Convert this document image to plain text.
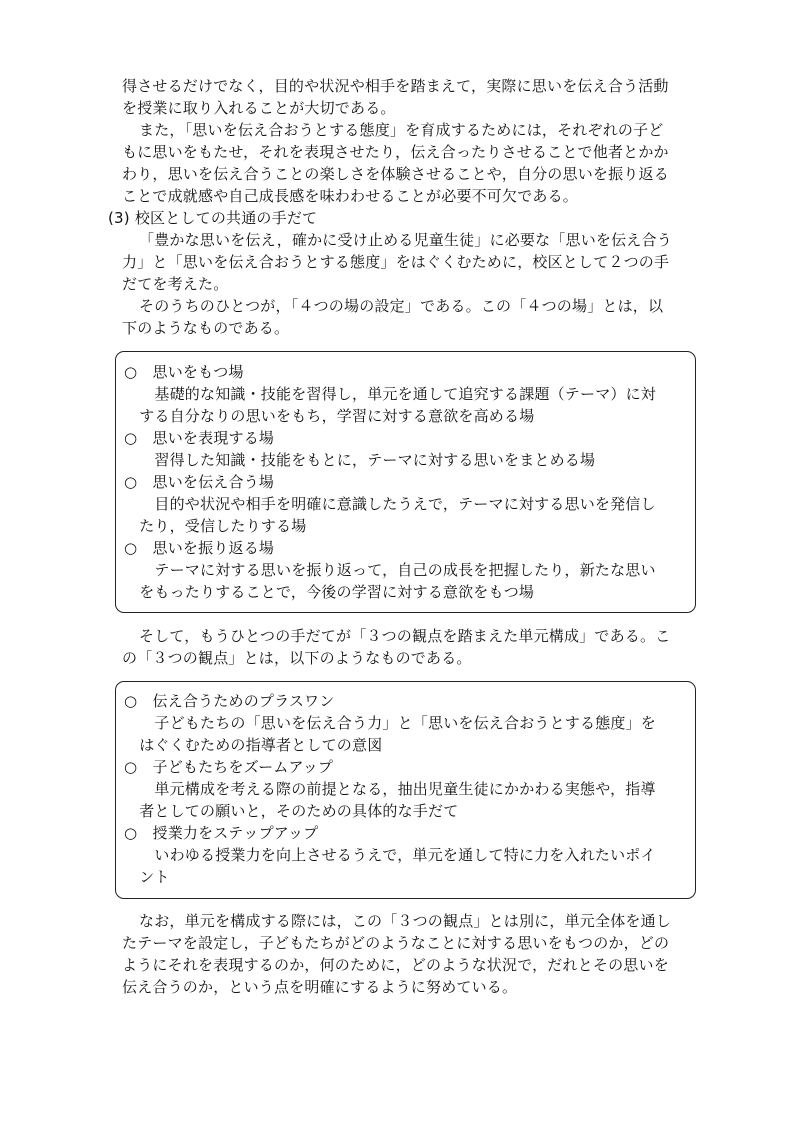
得させるだけでなく，目的や状況や相手を踏まえて，実際に思いを伝え合う活動
を授業に取り入れることが大切である。
また，「思いを伝え合おうとする態度」を育成するためには，それぞれの子ど
もに思いをもたせ，それを表現させたり，伝え合ったりさせることで他者とかか
わり，思いを伝え合うことの楽しさを体験させることや，自分の思いを振り返る
ことで成就感や自己成長感を味わわせることが必要不可欠である。
(3) 校区としての共通の手だて
「豊かな思いを伝え，確かに受け止める児童生徒」に必要な「思いを伝え合う
力」と「思いを伝え合おうとする態度」をはぐくむために，校区として２つの手
だてを考えた。
そのうちのひとつが，「４つの場の設定」である。この「４つの場」とは，以
下のようなものである。
○　思いをもつ場
　　基礎的な知識・技能を習得し，単元を通して追究する課題（テーマ）に対
　する自分なりの思いをもち，学習に対する意欲を高める場
○　思いを表現する場
　　習得した知識・技能をもとに，テーマに対する思いをまとめる場
○　思いを伝え合う場
　　目的や状況や相手を明確に意識したうえで，テーマに対する思いを発信し
　たり，受信したりする場
○　思いを振り返る場
　　テーマに対する思いを振り返って，自己の成長を把握したり，新たな思い
　をもったりすることで，今後の学習に対する意欲をもつ場
そして，もうひとつの手だてが「３つの観点を踏まえた単元構成」である。こ
の「３つの観点」とは，以下のようなものである。
○　伝え合うためのプラスワン
　　子どもたちの「思いを伝え合う力」と「思いを伝え合おうとする態度」を
　はぐくむための指導者としての意図
○　子どもたちをズームアップ
　　単元構成を考える際の前提となる，抽出児童生徒にかかわる実態や，指導
　者としての願いと，そのための具体的な手だて
○　授業力をステップアップ
　　いわゆる授業力を向上させるうえで，単元を通して特に力を入れたいポイ
　ント
なお，単元を構成する際には，この「３つの観点」とは別に，単元全体を通し
たテーマを設定し，子どもたちがどのようなことに対する思いをもつのか，どの
ようにそれを表現するのか，何のために，どのような状況で，だれとその思いを
伝え合うのか，という点を明確にするように努めている。
